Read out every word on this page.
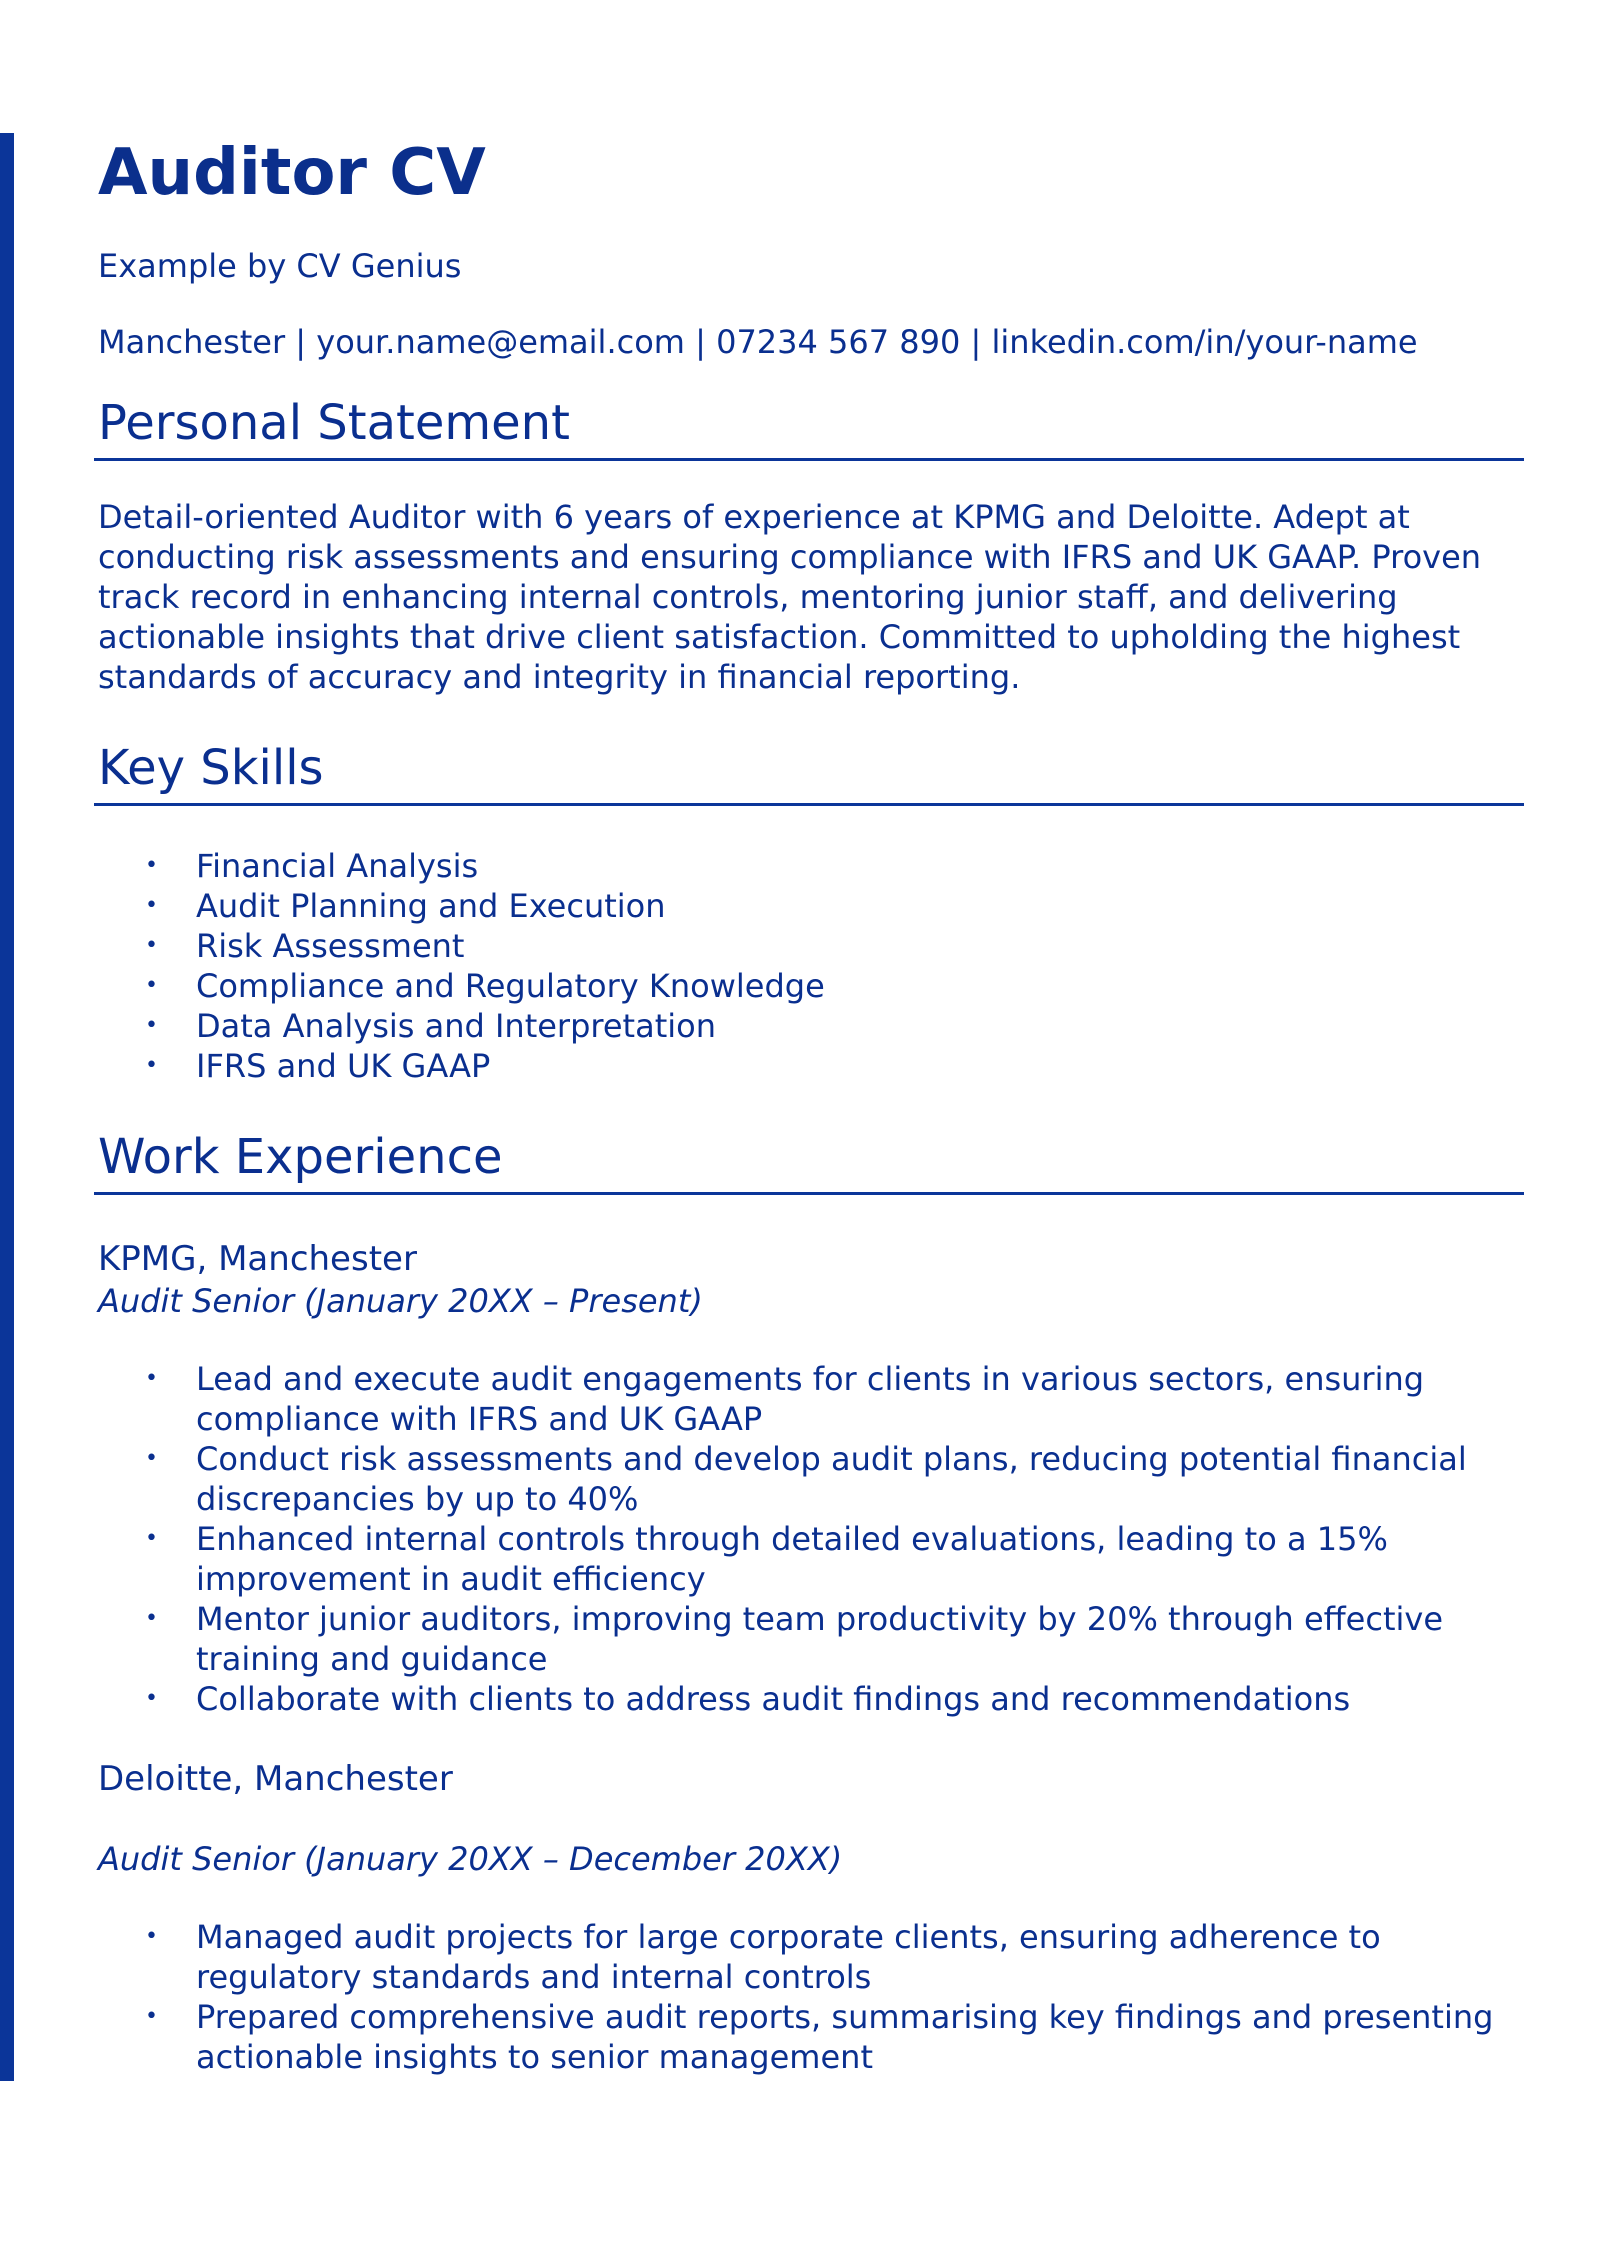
Auditor CV
Example by CV Genius
Manchester | your.name@email.com | 07234 567 890 | linkedin.com/in/your-name
Personal Statement
Detail-oriented Auditor with 6 years of experience at KPMG and Deloitte. Adept at conducting risk assessments and ensuring compliance with IFRS and UK GAAP. Proven track record in enhancing internal controls, mentoring junior staff, and delivering actionable insights that drive client satisfaction. Committed to upholding the highest standards of accuracy and integrity in financial reporting.
Key Skills
• Financial Analysis
• Audit Planning and Execution
• Risk Assessment
• Compliance and Regulatory Knowledge
• Data Analysis and Interpretation
• IFRS and UK GAAP
Work Experience
KPMG, Manchester
Audit Senior (January 20XX – Present)
• Lead and execute audit engagements for clients in various sectors, ensuring compliance with IFRS and UK GAAP
• Conduct risk assessments and develop audit plans, reducing potential financial discrepancies by up to 40%
• Enhanced internal controls through detailed evaluations, leading to a 15% improvement in audit efficiency
• Mentor junior auditors, improving team productivity by 20% through effective training and guidance
• Collaborate with clients to address audit findings and recommendations
Deloitte, Manchester
Audit Senior (January 20XX – December 20XX)
• Managed audit projects for large corporate clients, ensuring adherence to regulatory standards and internal controls
• Prepared comprehensive audit reports, summarising key findings and presenting actionable insights to senior management
